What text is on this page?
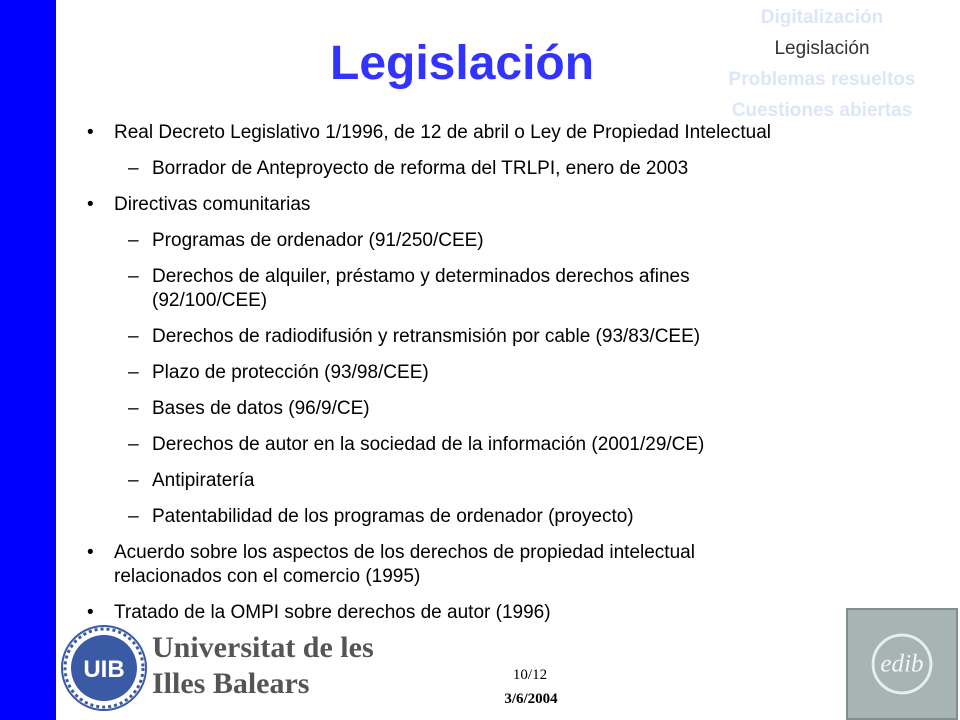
Legislación
Digitalización
Legislación
Problemas resueltos
Cuestiones abiertas
• Real Decreto Legislativo 1/1996, de 12 de abril o Ley de Propiedad Intelectual
– Borrador de Anteproyecto de reforma del TRLPI, enero de 2003
• Directivas comunitarias
– Programas de ordenador (91/250/CEE)
– Derechos de alquiler, préstamo y determinados derechos afines
(92/100/CEE)
– Derechos de radiodifusión y retransmisión por cable (93/83/CEE)
– Plazo de protección (93/98/CEE)
– Bases de datos (96/9/CE)
– Derechos de autor en la sociedad de la información (2001/29/CE)
– Antipiratería
– Patentabilidad de los programas de ordenador (proyecto)
• Acuerdo sobre los aspectos de los derechos de propiedad intelectual
relacionados con el comercio (1995)
• Tratado de la OMPI sobre derechos de autor (1996)
UIB
Universitat de les
Illes Balears	10/12
3/6/2004
edib
